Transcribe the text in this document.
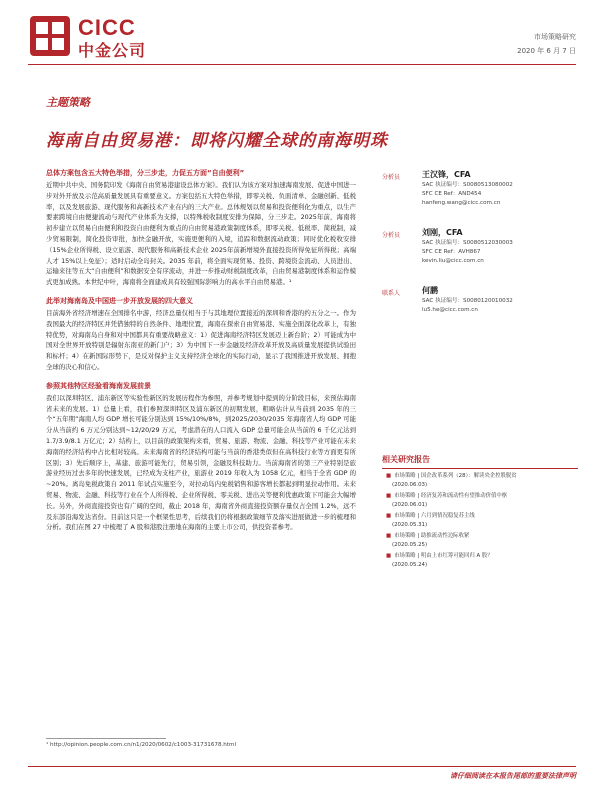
CICC
中金公司
市场策略研究
2020 年 6 月 7 日
主题策略
海南自由贸易港：即将闪耀全球的南海明珠
总体方案包含五大特色举措，分三步走，力促五方面“自由便利”
近期中共中央、国务院印发《海南自由贸易港建设总体方案》。我们认为该方案对加速海南发展、促进中国进一步对外开放及示范高质量发展具有重要意义。方案包括五大特色举措，即零关税、负面清单、金融创新、低税率，以及发展旅游、现代服务和高新技术产业在内的三大产业。总体规划以贸易和投资便利化为重点，以生产要素跨境自由便捷流动与现代产业体系为支撑，以特殊税收制度安排为保障，分三步走。2025年前，海南将初步建立以贸易自由便利和投资自由便利为重点的自由贸易港政策制度体系，即零关税、低税率、简税制，减少贸易限制，简化投资审批，加快金融开放，实施更便利的入境，追踪和数据流动政策；同时优化税收安排（15%企业所得税、设立旅游、现代服务和高新技术企业 2025年前新增境外直接投资所得免征所得税；高端人才 15%以上免征）；适时启动全岛封关。2035 年前，将全面实现贸易、投资、跨境资金流动、人员进出、运输来往等五大“自由便利”和数据安全有序流动，并进一步推动财税制度改革，自由贸易港制度体系和运作模式更加成熟。本世纪中叶，海南将全面建成具有较强国际影响力的高水平自由贸易港。¹
此举对海南岛及中国进一步开放发展的四大意义
目前海外省经济增速在全国排名中游，经济总量仅相当于与其地理位置接近的深圳和香港的约五分之一。作为我国最大的经济特区并凭借独特的自然条件、地理位置，海南在探索自由贸易港、实施全面深化改革上，有独特优势，对海南岛自身和对中国都具有重要战略意义：1）促进海南经济特区发展迈上新台阶；2）可能成为中国对全世界开放特别是辐射东南亚的新门户；3）为中国下一步金融及经济改革开放及高质量发展提供试验田和标杆；4）在新国际形势下，是反对保护主义支持经济全球化的实际行动，显示了我国推进开放发展、拥抱全球的决心和信心。
参照其他特区经验看海南发展前景
我们以深圳特区、浦东新区等实验性新区的发展历程作为参照，并参考规划中提到的分阶段目标，来预估海南省未来的发展。1）总量上看，我们参照深圳特区及浦东新区的初期发展，粗略估计从当前到 2035 年的三个“五年期”海南人均 GDP 增长可能分别达到 15%/10%/8%，到2025/2030/2035 年海南省人均 GDP 可能分从当前约 6 万元分别达到~12/20/29 万元，考虑潜在的人口流入 GDP 总量可能会从当前的 6 千亿元达到 1.7/3.9/8.1 万亿元；2）结构上，以目前的政策架构来看，贸易、旅游、物流、金融、科技等产业可能在未来海南的经济结构中占比相对较高。未来海南省的经济结构可能与当前的香港类似但在高科技行业等方面更有所区别；3）先后顺序上，基建、旅游可能先行，贸易引领，金融及科技助力。当前海南省的第三产业特别是旅游业经历过去多年的快速发展，已经成为支柱产业，旅游业 2019 年收入为 1058 亿元，相当于全省 GDP 的~20%。离岛免税政策自 2011 年试点实施至今，对拉动岛内免税销售和游客增长都起到明显拉动作用。未来贸易、物流、金融、科技等行业在个人所得税、企业所得税、零关税、进出关等便利优惠政策下可能会大幅增长。另外，外商直接投资也有广阔的空间，截止 2018 年，海南省外商直接投资额存量仅占全国 1.2%，远不及东部沿海发达省份。目前这只是一个框架性思考，后续我们仍将根据政策细节及落实进展做进一步的梳理和分析。我们在图 27 中梳理了 A 股和港股注册地在海南的主要上市公司，供投资者参考。
分析员	王汉锋，CFA
SAC 执证编号：S0080513080002
SFC CE Ref：AND454
hanfeng.wang@cicc.com.cn
分析员	刘刚，CFA
SAC 执证编号：S0080512030003
SFC CE Ref：AVH867
kevin.liu@cicc.com.cn
联系人	何鹏
SAC 执证编号：S0080120010032
lu5.he@cicc.com.cn
相关研究报告
■ 市场策略 | 国企改革系列（28）：解读央企控股脱贫
(2020.06.03)
■ 市场策略 | 经济复苏和流动性有望推动价值中枢
(2020.06.01)
■ 市场策略 | 六月到情况稳复苏主线
(2020.05.31)
■ 市场策略 | 助推流动性边际收紧
(2020.05.25)
■ 市场策略 | 明由上市红筹可能回归 A 股？
(2020.05.24)
¹ http://opinion.people.com.cn/n1/2020/0602/c1003-31731678.html
请仔细阅读在本报告尾部的重要法律声明
